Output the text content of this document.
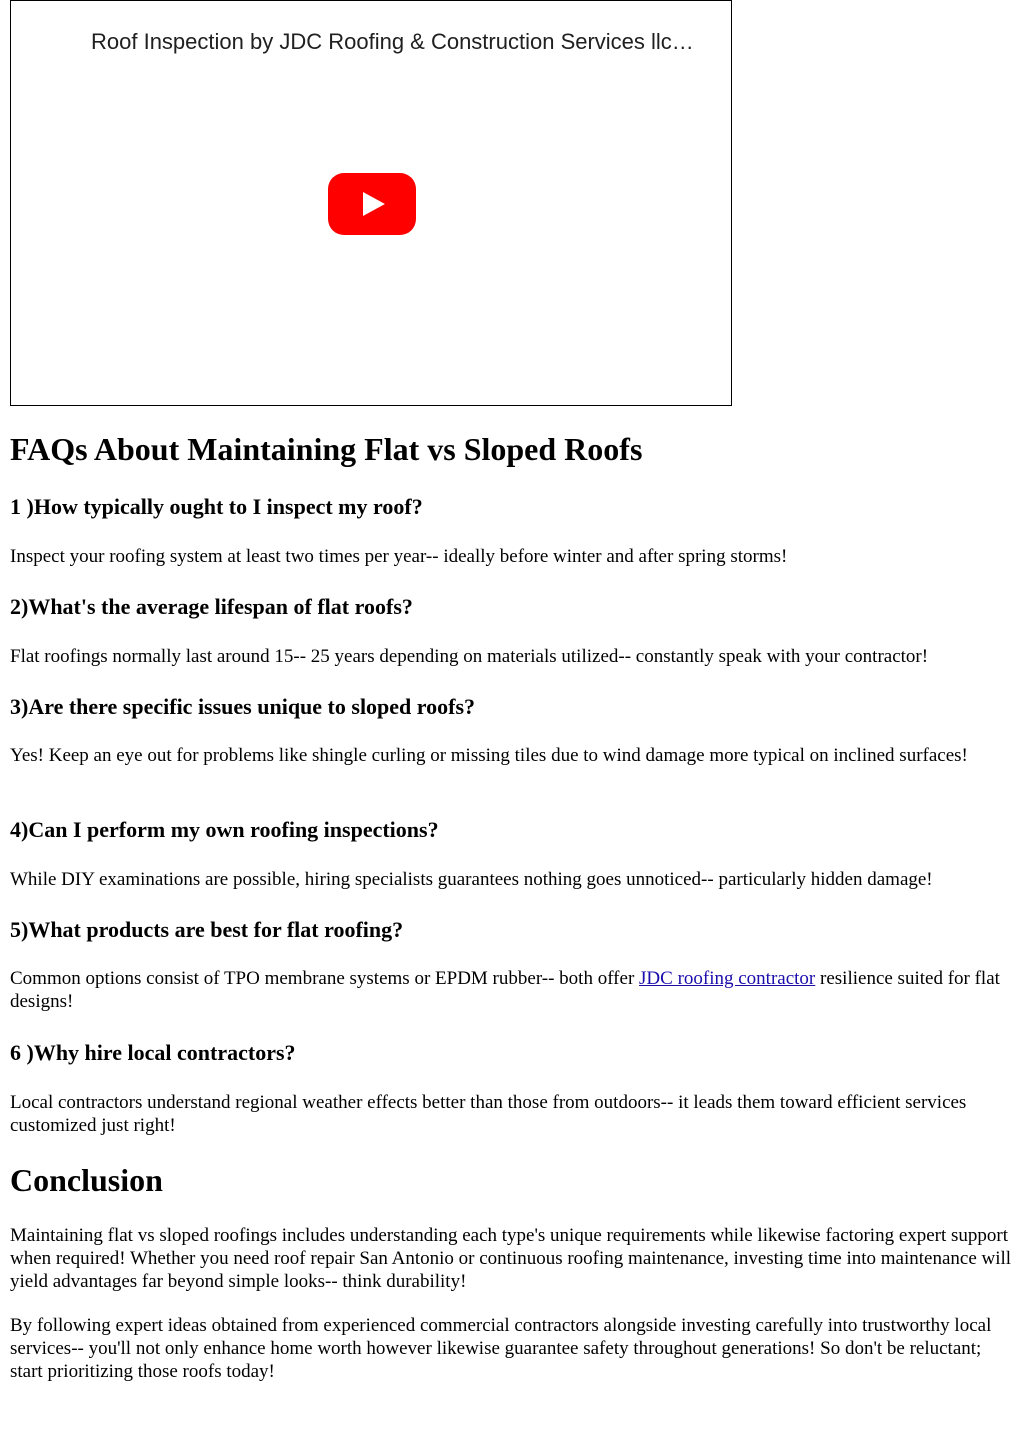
Roof Inspection by JDC Roofing & Construction Services llc…
FAQs About Maintaining Flat vs Sloped Roofs
1 )How typically ought to I inspect my roof?

Inspect your roofing system at least two times per year-- ideally before winter and after spring storms!

2)What's the average lifespan of flat roofs?

Flat roofings normally last around 15-- 25 years depending on materials utilized-- constantly speak with your contractor!

3)Are there specific issues unique to sloped roofs?

Yes! Keep an eye out for problems like shingle curling or missing tiles due to wind damage more typical on inclined surfaces!

4)Can I perform my own roofing inspections?

While DIY examinations are possible, hiring specialists guarantees nothing goes unnoticed-- particularly hidden damage!

5)What products are best for flat roofing?

Common options consist of TPO membrane systems or EPDM rubber-- both offer JDC roofing contractor resilience suited for flat designs!

6 )Why hire local contractors?

Local contractors understand regional weather effects better than those from outdoors-- it leads them toward efficient services customized just right!

Conclusion

Maintaining flat vs sloped roofings includes understanding each type's unique requirements while likewise factoring expert support when required! Whether you need roof repair San Antonio or continuous roofing maintenance, investing time into maintenance will yield advantages far beyond simple looks-- think durability!

By following expert ideas obtained from experienced commercial contractors alongside investing carefully into trustworthy local services-- you'll not only enhance home worth however likewise guarantee safety throughout generations! So don't be reluctant; start prioritizing those roofs today!
